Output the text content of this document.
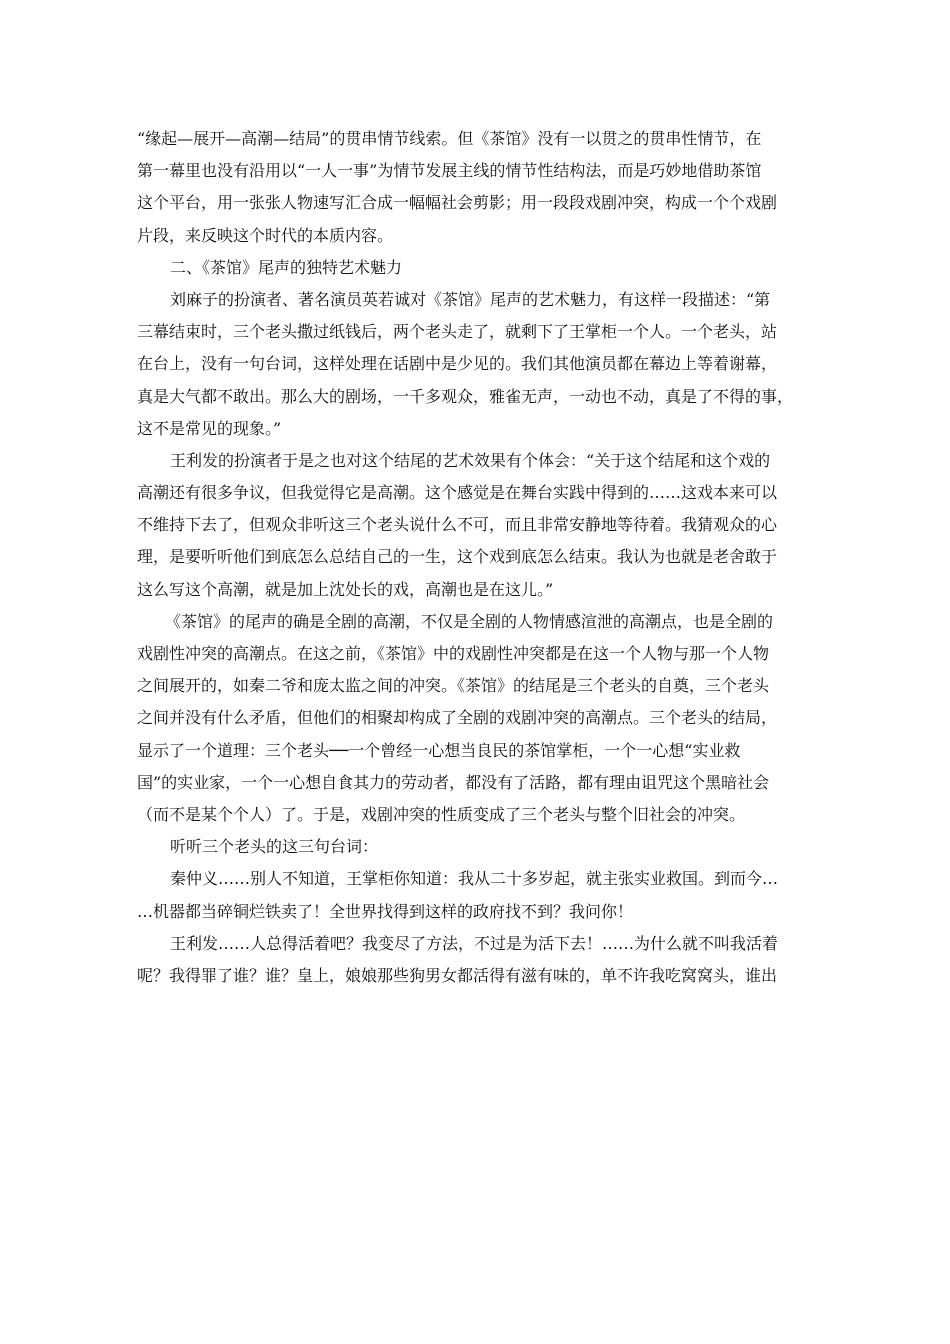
“缘起—展开—高潮—结局”的贯串情节线索。但《茶馆》没有一以贯之的贯串性情节，在
第一幕里也没有沿用以“一人一事”为情节发展主线的情节性结构法，而是巧妙地借助茶馆
这个平台，用一张张人物速写汇合成一幅幅社会剪影；用一段段戏剧冲突，构成一个个戏剧
片段，来反映这个时代的本质内容。
二、《茶馆》尾声的独特艺术魅力
刘麻子的扮演者、著名演员英若诚对《茶馆》尾声的艺术魅力，有这样一段描述：“第
三幕结束时，三个老头撒过纸钱后，两个老头走了，就剩下了王掌柜一个人。一个老头，站
在台上，没有一句台词，这样处理在话剧中是少见的。我们其他演员都在幕边上等着谢幕，
真是大气都不敢出。那么大的剧场，一千多观众，雅雀无声，一动也不动，真是了不得的事，
这不是常见的现象。”
王利发的扮演者于是之也对这个结尾的艺术效果有个体会：“关于这个结尾和这个戏的
高潮还有很多争议，但我觉得它是高潮。这个感觉是在舞台实践中得到的……这戏本来可以
不维持下去了，但观众非听这三个老头说什么不可，而且非常安静地等待着。我猜观众的心
理，是要听听他们到底怎么总结自己的一生，这个戏到底怎么结束。我认为也就是老舍敢于
这么写这个高潮，就是加上沈处长的戏，高潮也是在这儿。”
《茶馆》的尾声的确是全剧的高潮，不仅是全剧的人物情感渲泄的高潮点，也是全剧的
戏剧性冲突的高潮点。在这之前，《茶馆》中的戏剧性冲突都是在这一个人物与那一个人物
之间展开的，如秦二爷和庞太监之间的冲突。《茶馆》的结尾是三个老头的自奠，三个老头
之间并没有什么矛盾，但他们的相聚却构成了全剧的戏剧冲突的高潮点。三个老头的结局，
显示了一个道理：三个老头──一个曾经一心想当良民的茶馆掌柜，一个一心想“实业救
国”的实业家，一个一心想自食其力的劳动者，都没有了活路，都有理由诅咒这个黑暗社会
（而不是某个个人）了。于是，戏剧冲突的性质变成了三个老头与整个旧社会的冲突。
听听三个老头的这三句台词：
秦仲义……别人不知道，王掌柜你知道：我从二十多岁起，就主张实业救国。到而今…
…机器都当碎铜烂铁卖了！全世界找得到这样的政府找不到？我问你！
王利发……人总得活着吧？我变尽了方法，不过是为活下去！……为什么就不叫我活着
呢？我得罪了谁？谁？皇上，娘娘那些狗男女都活得有滋有味的，单不许我吃窝窝头，谁出
